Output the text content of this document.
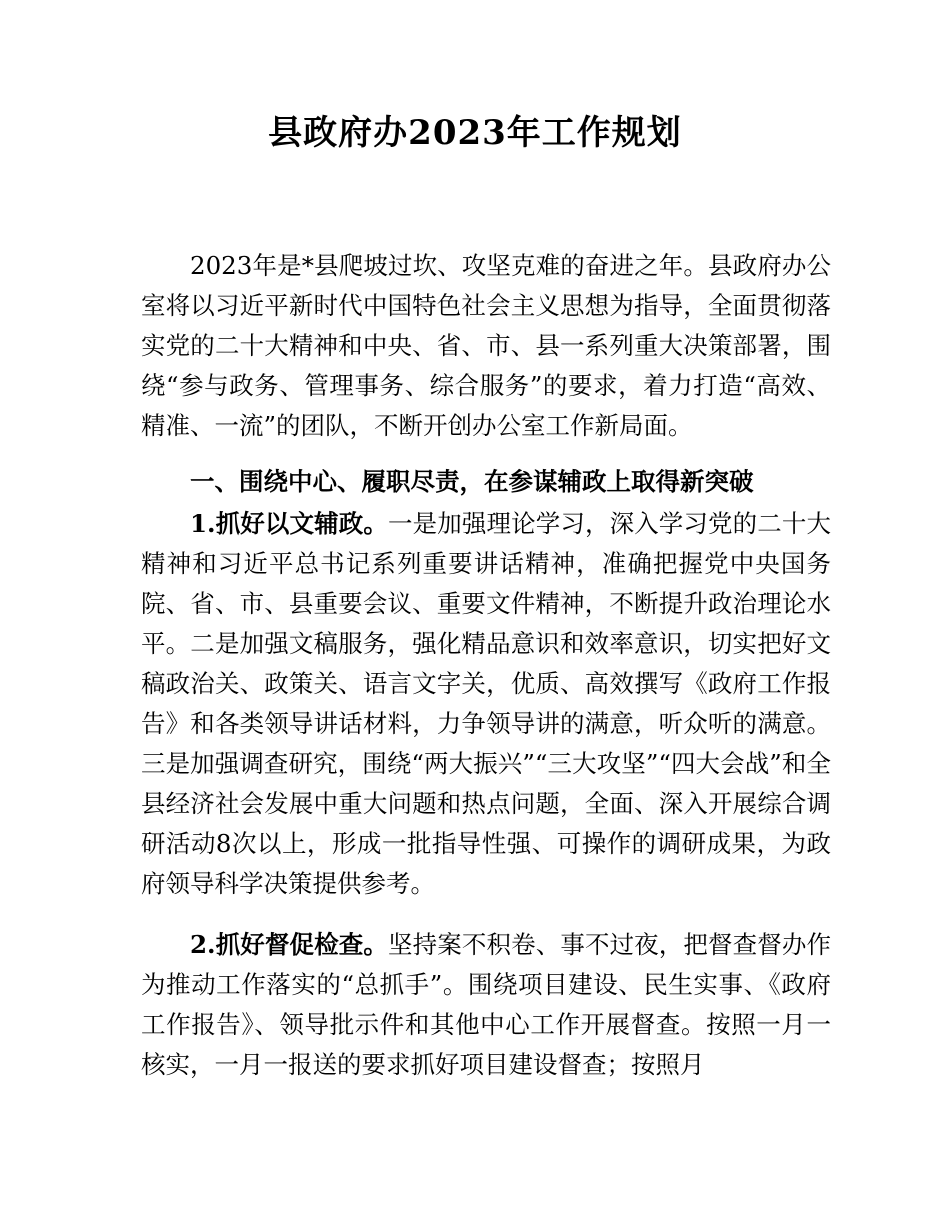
县政府办2023年工作规划

2023年是*县爬坡过坎、攻坚克难的奋进之年。县政府办公室将以习近平新时代中国特色社会主义思想为指导，全面贯彻落实党的二十大精神和中央、省、市、县一系列重大决策部署，围绕“参与政务、管理事务、综合服务”的要求，着力打造“高效、精准、一流”的团队，不断开创办公室工作新局面。

一、围绕中心、履职尽责，在参谋辅政上取得新突破

1.抓好以文辅政。一是加强理论学习，深入学习党的二十大精神和习近平总书记系列重要讲话精神，准确把握党中央国务院、省、市、县重要会议、重要文件精神，不断提升政治理论水平。二是加强文稿服务，强化精品意识和效率意识，切实把好文稿政治关、政策关、语言文字关，优质、高效撰写《政府工作报告》和各类领导讲话材料，力争领导讲的满意，听众听的满意。三是加强调查研究，围绕“两大振兴”“三大攻坚”“四大会战”和全县经济社会发展中重大问题和热点问题，全面、深入开展综合调研活动8次以上，形成一批指导性强、可操作的调研成果，为政府领导科学决策提供参考。

2.抓好督促检查。坚持案不积卷、事不过夜，把督查督办作为推动工作落实的“总抓手”。围绕项目建设、民生实事、《政府工作报告》、领导批示件和其他中心工作开展督查。按照一月一核实，一月一报送的要求抓好项目建设督查；按照月
